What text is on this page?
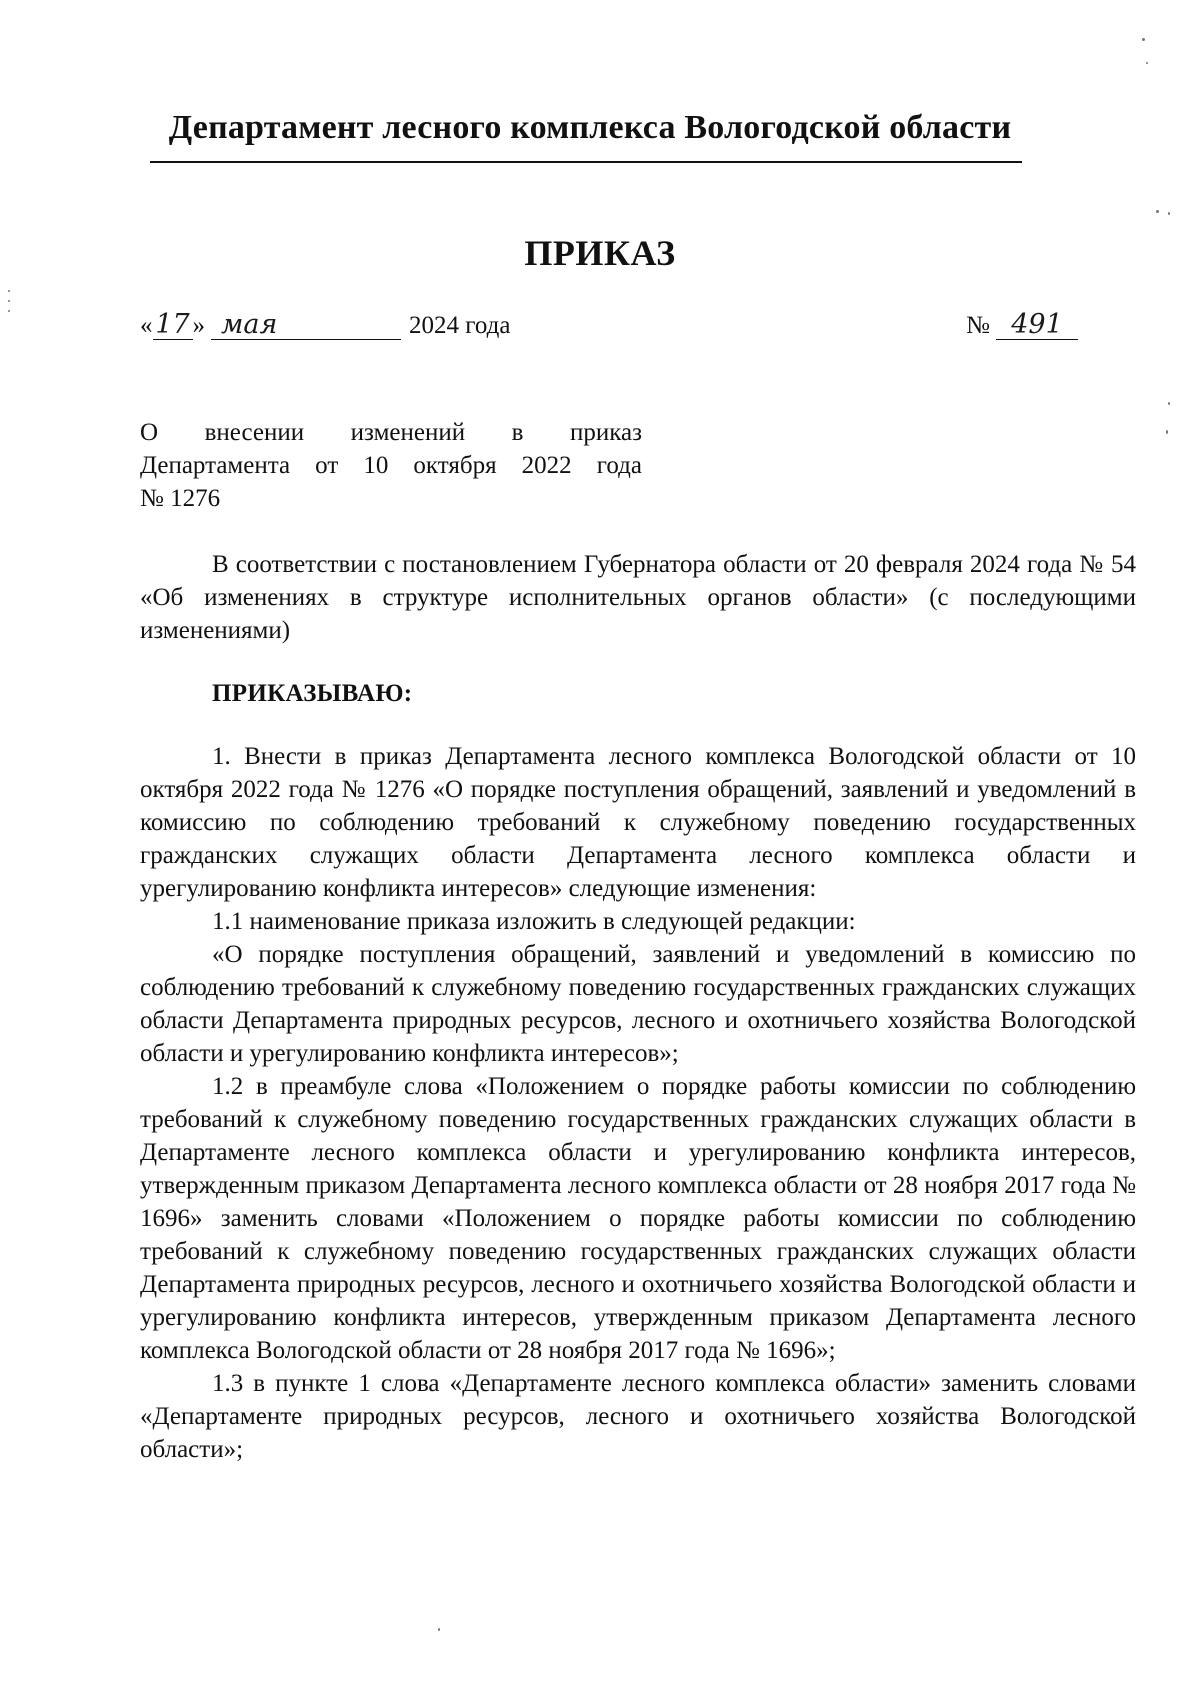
Департамент лесного комплекса Вологодской области
ПРИКАЗ
« 17 » мая	2024 года	№ 491
О внесении изменений в приказ
Департамента от 10 октября 2022 года
№ 1276

В соответствии с постановлением Губернатора области от 20 февраля 2024 года № 54 «Об изменениях в структуре исполнительных органов области» (с последующими изменениями)

ПРИКАЗЫВАЮ:

1. Внести в приказ Департамента лесного комплекса Вологодской области от 10 октября 2022 года № 1276 «О порядке поступления обращений, заявлений и уведомлений в комиссию по соблюдению требований к служебному поведению государственных гражданских служащих области Департамента лесного комплекса области и урегулированию конфликта интересов» следующие изменения:

1.1 наименование приказа изложить в следующей редакции:

«О порядке поступления обращений, заявлений и уведомлений в комиссию по соблюдению требований к служебному поведению государственных гражданских служащих области Департамента природных ресурсов, лесного и охотничьего хозяйства Вологодской области и урегулированию конфликта интересов»;

1.2 в преамбуле слова «Положением о порядке работы комиссии по соблюдению требований к служебному поведению государственных гражданских служащих области в Департаменте лесного комплекса области и урегулированию конфликта интересов, утвержденным приказом Департамента лесного комплекса области от 28 ноября 2017 года № 1696» заменить словами «Положением о порядке работы комиссии по соблюдению требований к служебному поведению государственных гражданских служащих области Департамента природных ресурсов, лесного и охотничьего хозяйства Вологодской области и урегулированию конфликта интересов, утвержденным приказом Департамента лесного комплекса Вологодской области от 28 ноября 2017 года № 1696»;

1.3 в пункте 1 слова «Департаменте лесного комплекса области» заменить словами «Департаменте природных ресурсов, лесного и охотничьего хозяйства Вологодской области»;
